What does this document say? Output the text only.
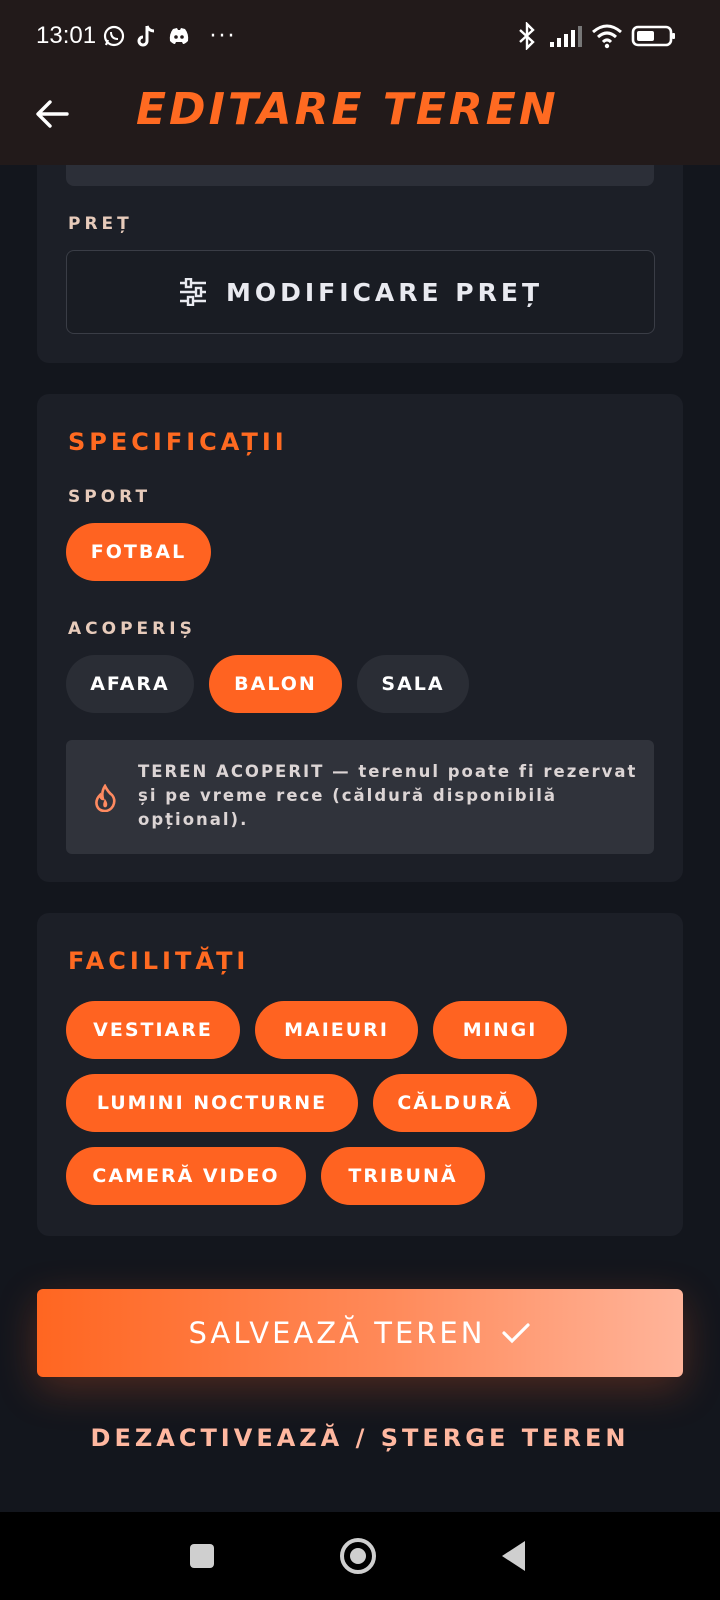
13:01	···
EDITARE TEREN
PREȚ
MODIFICARE PREȚ
SPECIFICAȚII
SPORT
FOTBAL
ACOPERIȘ
AFARA	BALON	SALA
TEREN ACOPERIT — terenul poate fi rezervat și pe vreme rece (căldură disponibilă opțional).
FACILITĂȚI
VESTIARE	MAIEURI	MINGI
LUMINI NOCTURNE	CĂLDURĂ
CAMERĂ VIDEO	TRIBUNĂ
SALVEAZĂ TEREN
DEZACTIVEAZĂ / ȘTERGE TEREN
